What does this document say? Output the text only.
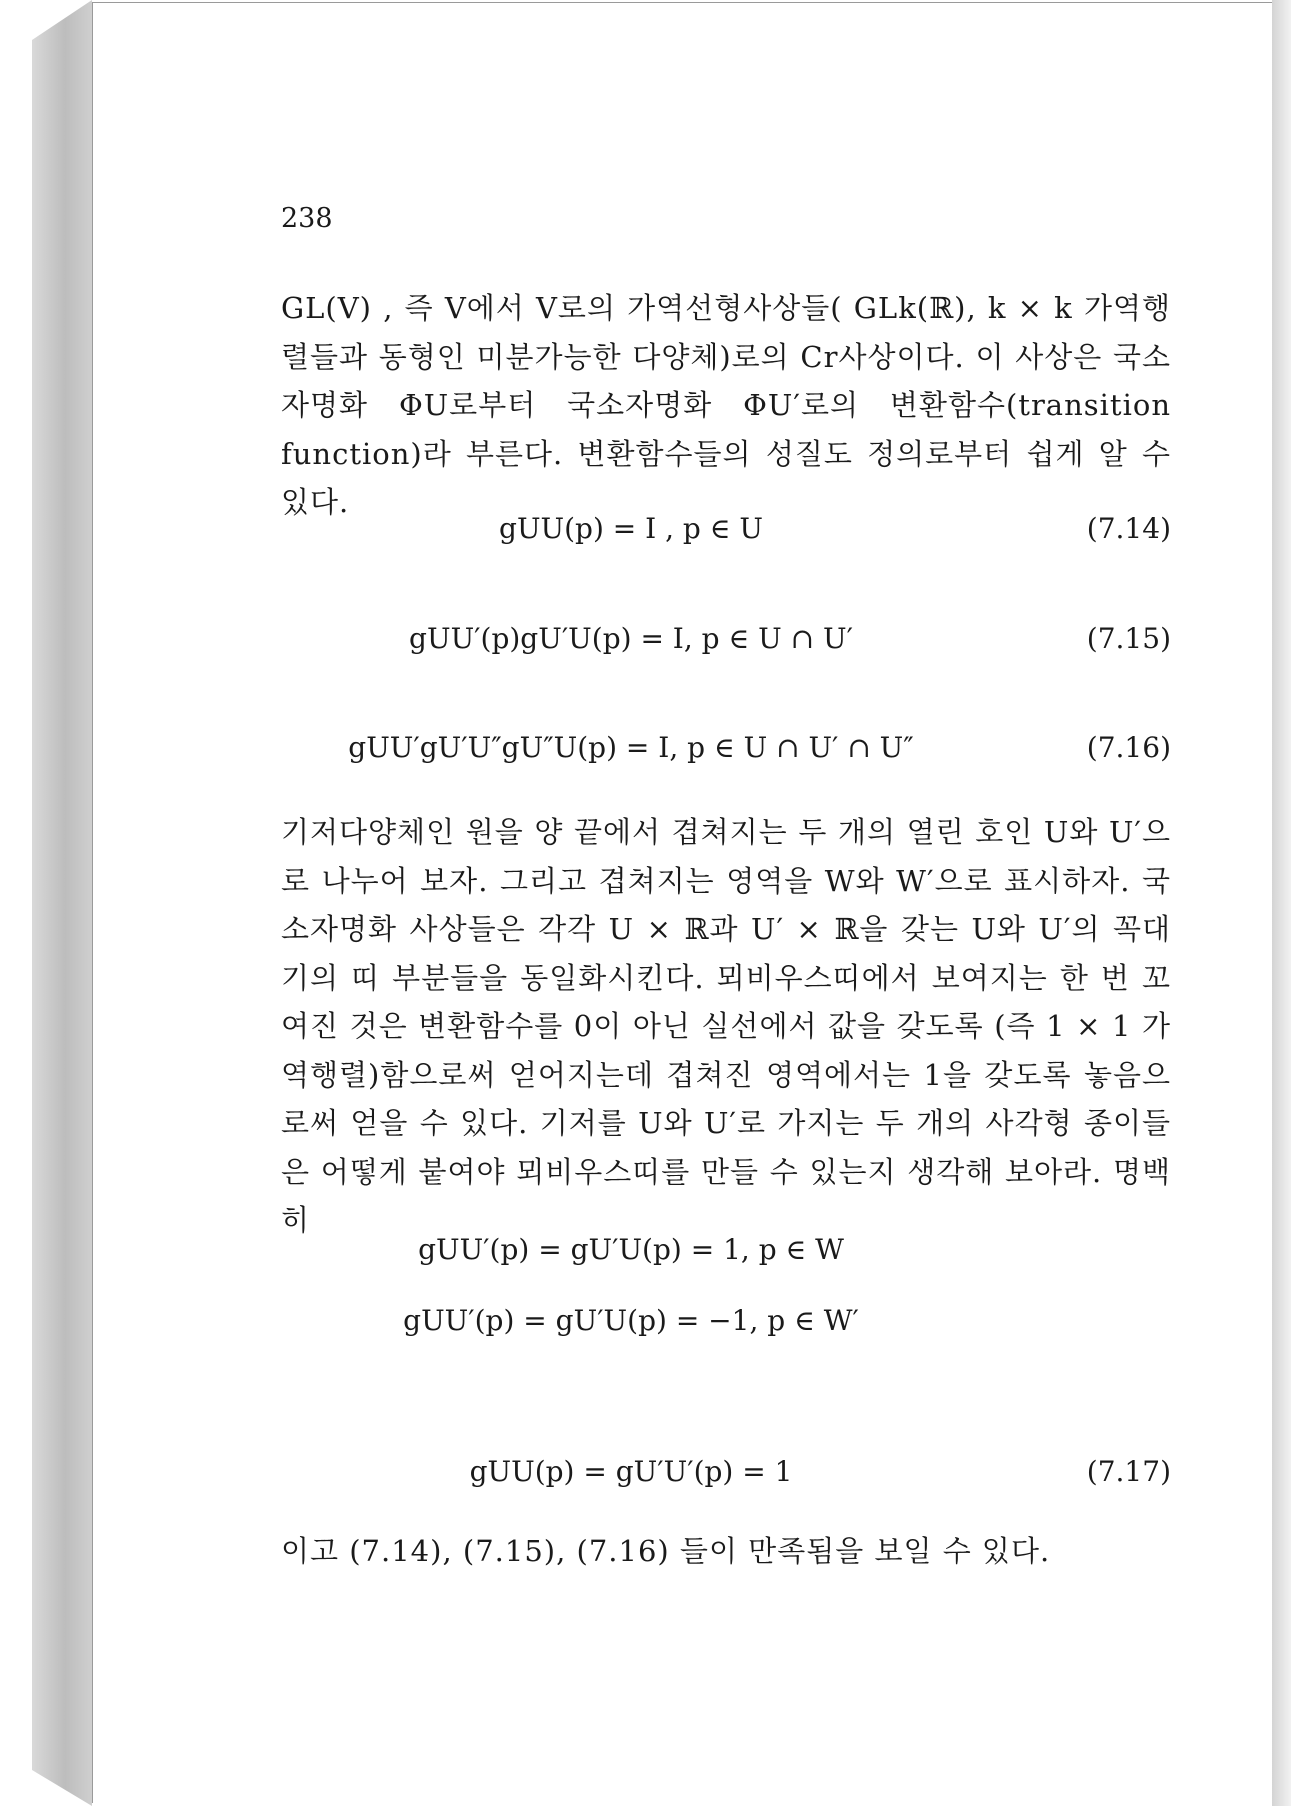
238
GL(V) , 즉 V에서 V로의 가역선형사상들( GLk(ℝ), k × k 가역행렬들과 동형인 미분가능한 다양체)로의 Cr사상이다. 이 사상은 국소자명화 ΦU로부터 국소자명화 ΦU′로의 변환함수(transition function)라 부른다. 변환함수들의 성질도 정의로부터 쉽게 알 수 있다.
gUU(p) = I , p ∈ U	(7.14)
gUU′(p)gU′U(p) = I, p ∈ U ∩ U′	(7.15)
gUU′gU′U″gU″U(p) = I, p ∈ U ∩ U′ ∩ U″	(7.16)
기저다양체인 원을 양 끝에서 겹쳐지는 두 개의 열린 호인 U와 U′으로 나누어 보자. 그리고 겹쳐지는 영역을 W와 W′으로 표시하자. 국소자명화 사상들은 각각 U × ℝ과 U′ × ℝ을 갖는 U와 U′의 꼭대기의 띠 부분들을 동일화시킨다. 뫼비우스띠에서 보여지는 한 번 꼬여진 것은 변환함수를 0이 아닌 실선에서 값을 갖도록 (즉 1 × 1 가역행렬)함으로써 얻어지는데 겹쳐진 영역에서는 1을 갖도록 놓음으로써 얻을 수 있다. 기저를 U와 U′로 가지는 두 개의 사각형 종이들은 어떻게 붙여야 뫼비우스띠를 만들 수 있는지 생각해 보아라. 명백히
gUU′(p) = gU′U(p) = 1, p ∈ W
gUU′(p) = gU′U(p) = −1, p ∈ W′
gUU(p) = gU′U′(p) = 1	(7.17)
이고 (7.14), (7.15), (7.16) 들이 만족됨을 보일 수 있다.
